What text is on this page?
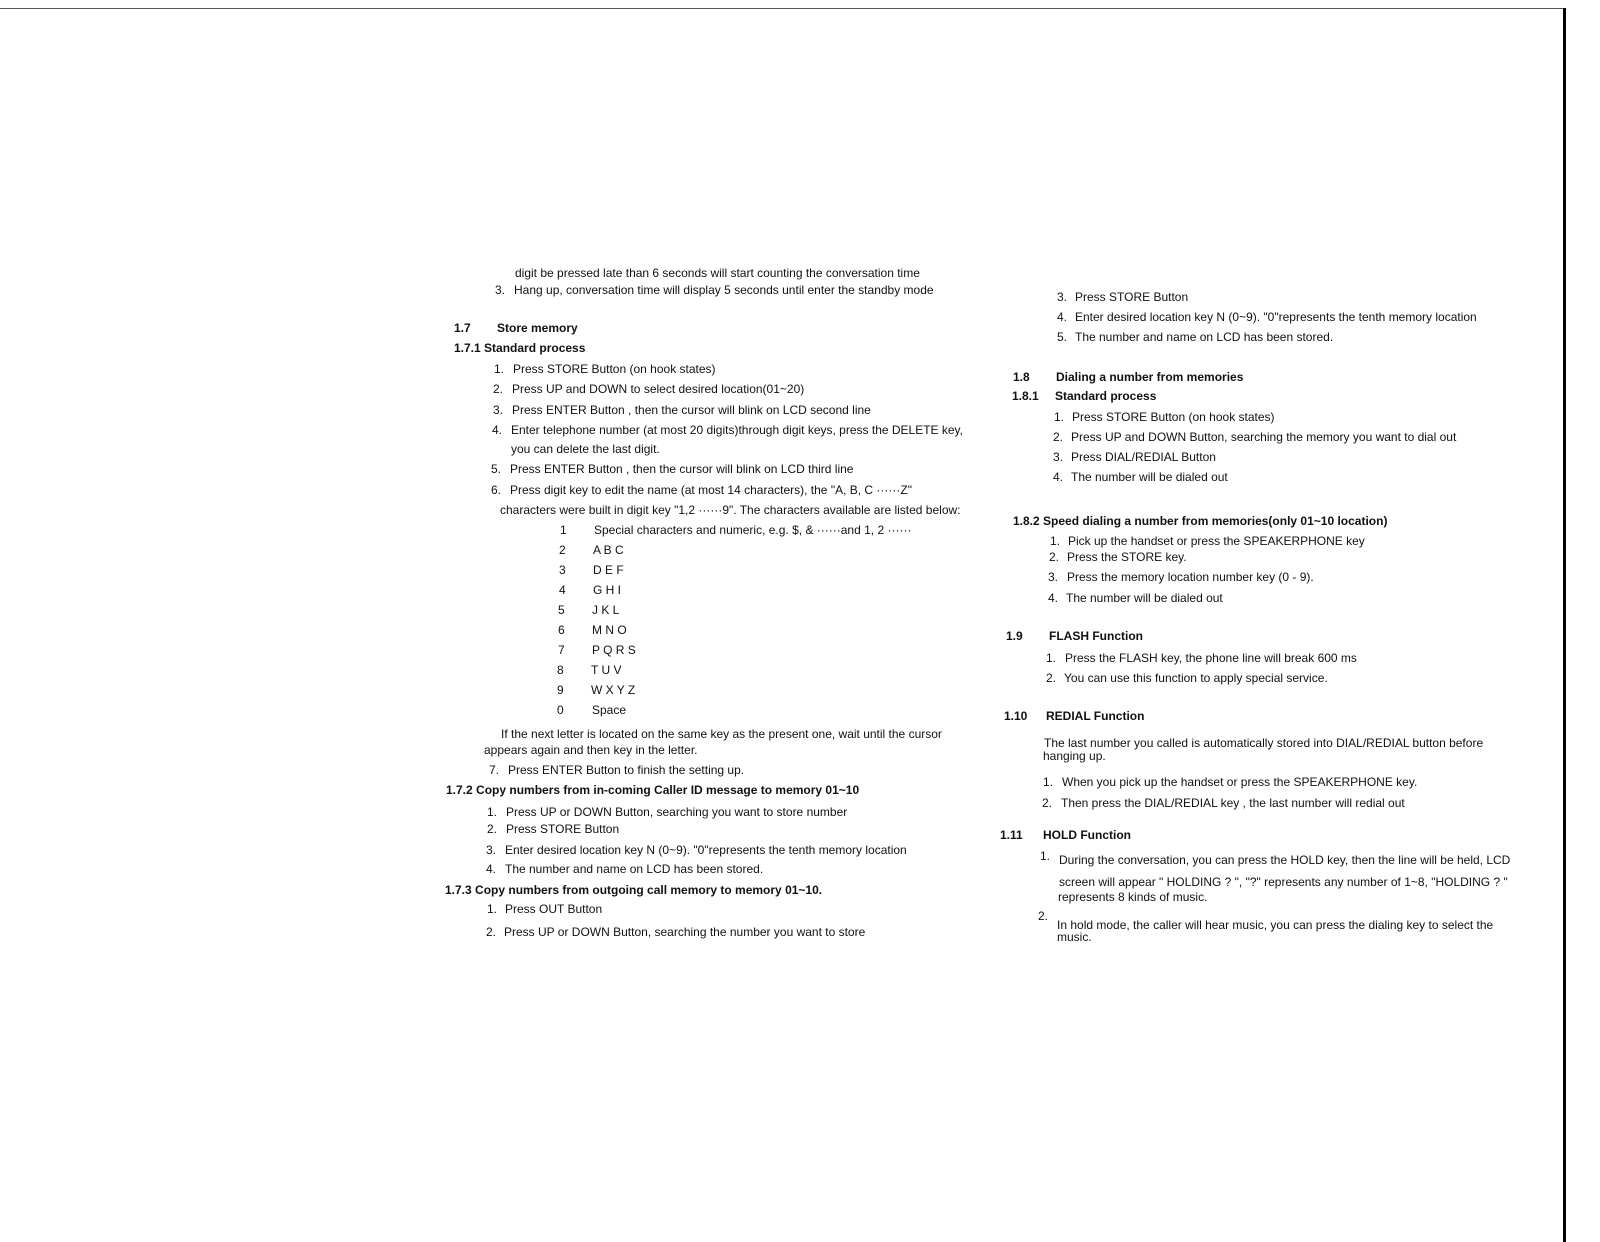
digit be pressed late than 6 seconds will start counting the conversation time
3. Hang up, conversation time will display 5 seconds until enter the standby mode
1.7 Store memory
1.7.1 Standard process
1. Press STORE Button (on hook states)
2. Press UP and DOWN to select desired location(01~20)
3. Press ENTER Button , then the cursor will blink on LCD second line
4. Enter telephone number (at most 20 digits)through digit keys, press the DELETE key,
you can delete the last digit.
5. Press ENTER Button , then the cursor will blink on LCD third line
6. Press digit key to edit the name (at most 14 characters), the "A, B, C ······Z"
characters were built in digit key "1,2 ······9". The characters available are listed below:
1 Special characters and numeric, e.g. $, & ······and 1, 2 ······
2 A B C
3 D E F
4 G H I
5 J K L
6 M N O
7 P Q R S
8 T U V
9 W X Y Z
0 Space
If the next letter is located on the same key as the present one, wait until the cursor
appears again and then key in the letter.
7. Press ENTER Button to finish the setting up.
1.7.2 Copy numbers from in-coming Caller ID message to memory 01~10
1. Press UP or DOWN Button, searching you want to store number
2. Press STORE Button
3. Enter desired location key N (0~9). "0"represents the tenth memory location
4. The number and name on LCD has been stored.
1.7.3 Copy numbers from outgoing call memory to memory 01~10.
1. Press OUT Button
2. Press UP or DOWN Button, searching the number you want to store
3. Press STORE Button
4. Enter desired location key N (0~9). "0"represents the tenth memory location
5. The number and name on LCD has been stored.
1.8 Dialing a number from memories
1.8.1 Standard process
1. Press STORE Button (on hook states)
2. Press UP and DOWN Button, searching the memory you want to dial out
3. Press DIAL/REDIAL Button
4. The number will be dialed out
1.8.2 Speed dialing a number from memories(only 01~10 location)
1. Pick up the handset or press the SPEAKERPHONE key
2. Press the STORE key.
3. Press the memory location number key (0 - 9).
4. The number will be dialed out
1.9 FLASH Function
1. Press the FLASH key, the phone line will break 600 ms
2. You can use this function to apply special service.
1.10 REDIAL Function
The last number you called is automatically stored into DIAL/REDIAL button before
hanging up.
1. When you pick up the handset or press the SPEAKERPHONE key.
2. Then press the DIAL/REDIAL key , the last number will redial out
1.11 HOLD Function
1. During the conversation, you can press the HOLD key, then the line will be held, LCD
screen will appear " HOLDING ? ", "?" represents any number of 1~8, "HOLDING ? "
represents 8 kinds of music.
2.
In hold mode, the caller will hear music, you can press the dialing key to select the
music.
